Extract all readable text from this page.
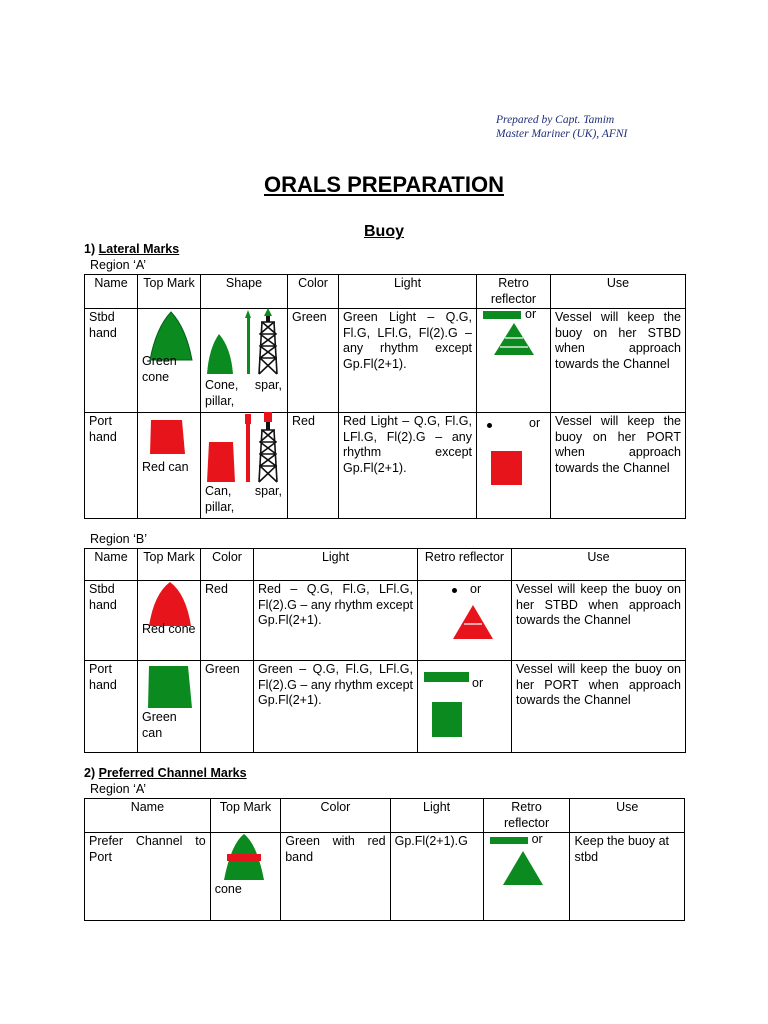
Prepared by Capt. Tamim
Master Mariner (UK), AFNI
ORALS PREPARATION
Buoy
1) Lateral Marks
Region ‘A’
Name	Top Mark	Shape	Color	Light	Retro reflector	Use
Stbd hand	Green cone	Cone, spar, pillar,	Green	Green Light – Q.G, Fl.G, LFl.G, Fl(2).G – any rhythm except Gp.Fl(2+1).	or	Vessel will keep the buoy on her STBD when approach towards the Channel
Port hand	Red can	Can, spar, pillar,	Red	Red Light – Q.G, Fl.G, LFl.G, Fl(2).G – any rhythm except Gp.Fl(2+1).	or	Vessel will keep the buoy on her PORT when approach towards the Channel
Region ‘B’
Name	Top Mark	Color	Light	Retro reflector	Use
Stbd hand	Red cone	Red	Red – Q.G, Fl.G, LFl.G, Fl(2).G – any rhythm except Gp.Fl(2+1).	or	Vessel will keep the buoy on her STBD when approach towards the Channel
Port hand	Green can	Green	Green – Q.G, Fl.G, LFl.G, Fl(2).G – any rhythm except Gp.Fl(2+1).	or	Vessel will keep the buoy on her PORT when approach towards the Channel
2) Preferred Channel Marks
Region ‘A’
Name	Top Mark	Color	Light	Retro reflector	Use
Prefer Channel to Port	cone	Green with red band	Gp.Fl(2+1).G	or	Keep the buoy at stbd
